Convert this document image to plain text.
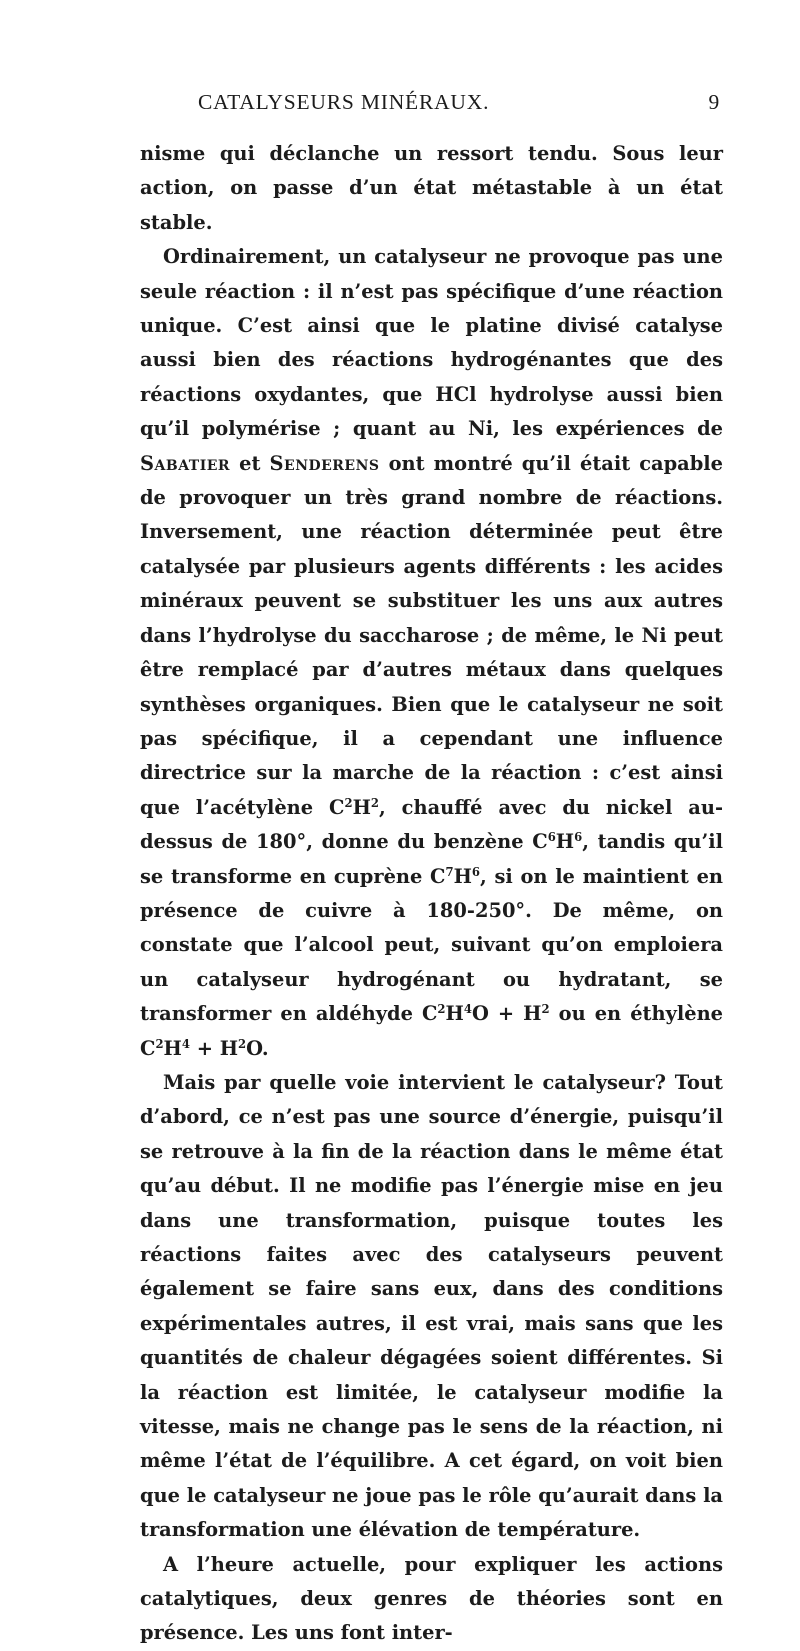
CATALYSEURS MINÉRAUX.	9

nisme qui déclanche un ressort tendu. Sous leur action, on passe d’un état métastable à un état stable.

Ordinairement, un catalyseur ne provoque pas une seule réaction : il n’est pas spécifique d’une réaction unique. C’est ainsi que le platine divisé catalyse aussi bien des réactions hydrogénantes que des réactions oxydantes, que HCl hydrolyse aussi bien qu’il polymérise ; quant au Ni, les expériences de Sabatier et Senderens ont montré qu’il était capable de provoquer un très grand nombre de réactions. Inversement, une réaction déterminée peut être catalysée par plusieurs agents différents : les acides minéraux peuvent se substituer les uns aux autres dans l’hydrolyse du saccharose ; de même, le Ni peut être remplacé par d’autres métaux dans quelques synthèses organiques. Bien que le catalyseur ne soit pas spécifique, il a cependant une influence directrice sur la marche de la réaction : c’est ainsi que l’acétylène $C^2H^2$, chauffé avec du nickel au-dessus de 180°, donne du benzène $C^6H^6$, tandis qu’il se transforme en cuprène $C^7H^6$, si on le maintient en présence de cuivre à 180-250°. De même, on constate que l’alcool peut, suivant qu’on emploiera un catalyseur hydrogénant ou hydratant, se transformer en aldéhyde $C^2H^4O + H^2$ ou en éthylène $C^2H^4 + H^2O$.

Mais par quelle voie intervient le catalyseur? Tout d’abord, ce n’est pas une source d’énergie, puisqu’il se retrouve à la fin de la réaction dans le même état qu’au début. Il ne modifie pas l’énergie mise en jeu dans une transformation, puisque toutes les réactions faites avec des catalyseurs peuvent également se faire sans eux, dans des conditions expérimentales autres, il est vrai, mais sans que les quantités de chaleur dégagées soient différentes. Si la réaction est limitée, le catalyseur modifie la vitesse, mais ne change pas le sens de la réaction, ni même l’état de l’équilibre. A cet égard, on voit bien que le catalyseur ne joue pas le rôle qu’aurait dans la transformation une élévation de température.

A l’heure actuelle, pour expliquer les actions catalytiques, deux genres de théories sont en présence. Les uns font inter-
